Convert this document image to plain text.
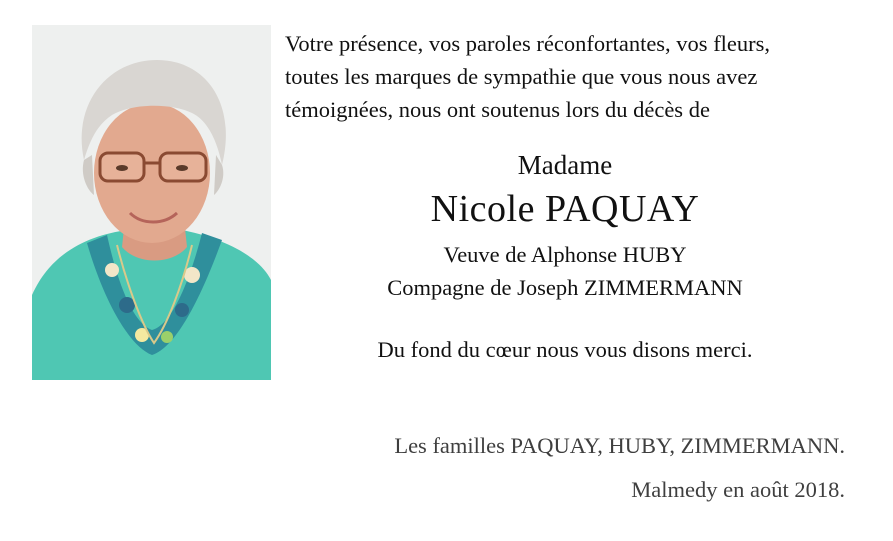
Votre présence, vos paroles réconfortantes, vos fleurs,
toutes les marques de sympathie que vous nous avez
témoignées, nous ont soutenus lors du décès de

Madame
Nicole PAQUAY
Veuve de Alphonse HUBY
Compagne de Joseph ZIMMERMANN
Du fond du cœur nous vous disons merci.
Les familles PAQUAY, HUBY, ZIMMERMANN.
Malmedy en août 2018.
